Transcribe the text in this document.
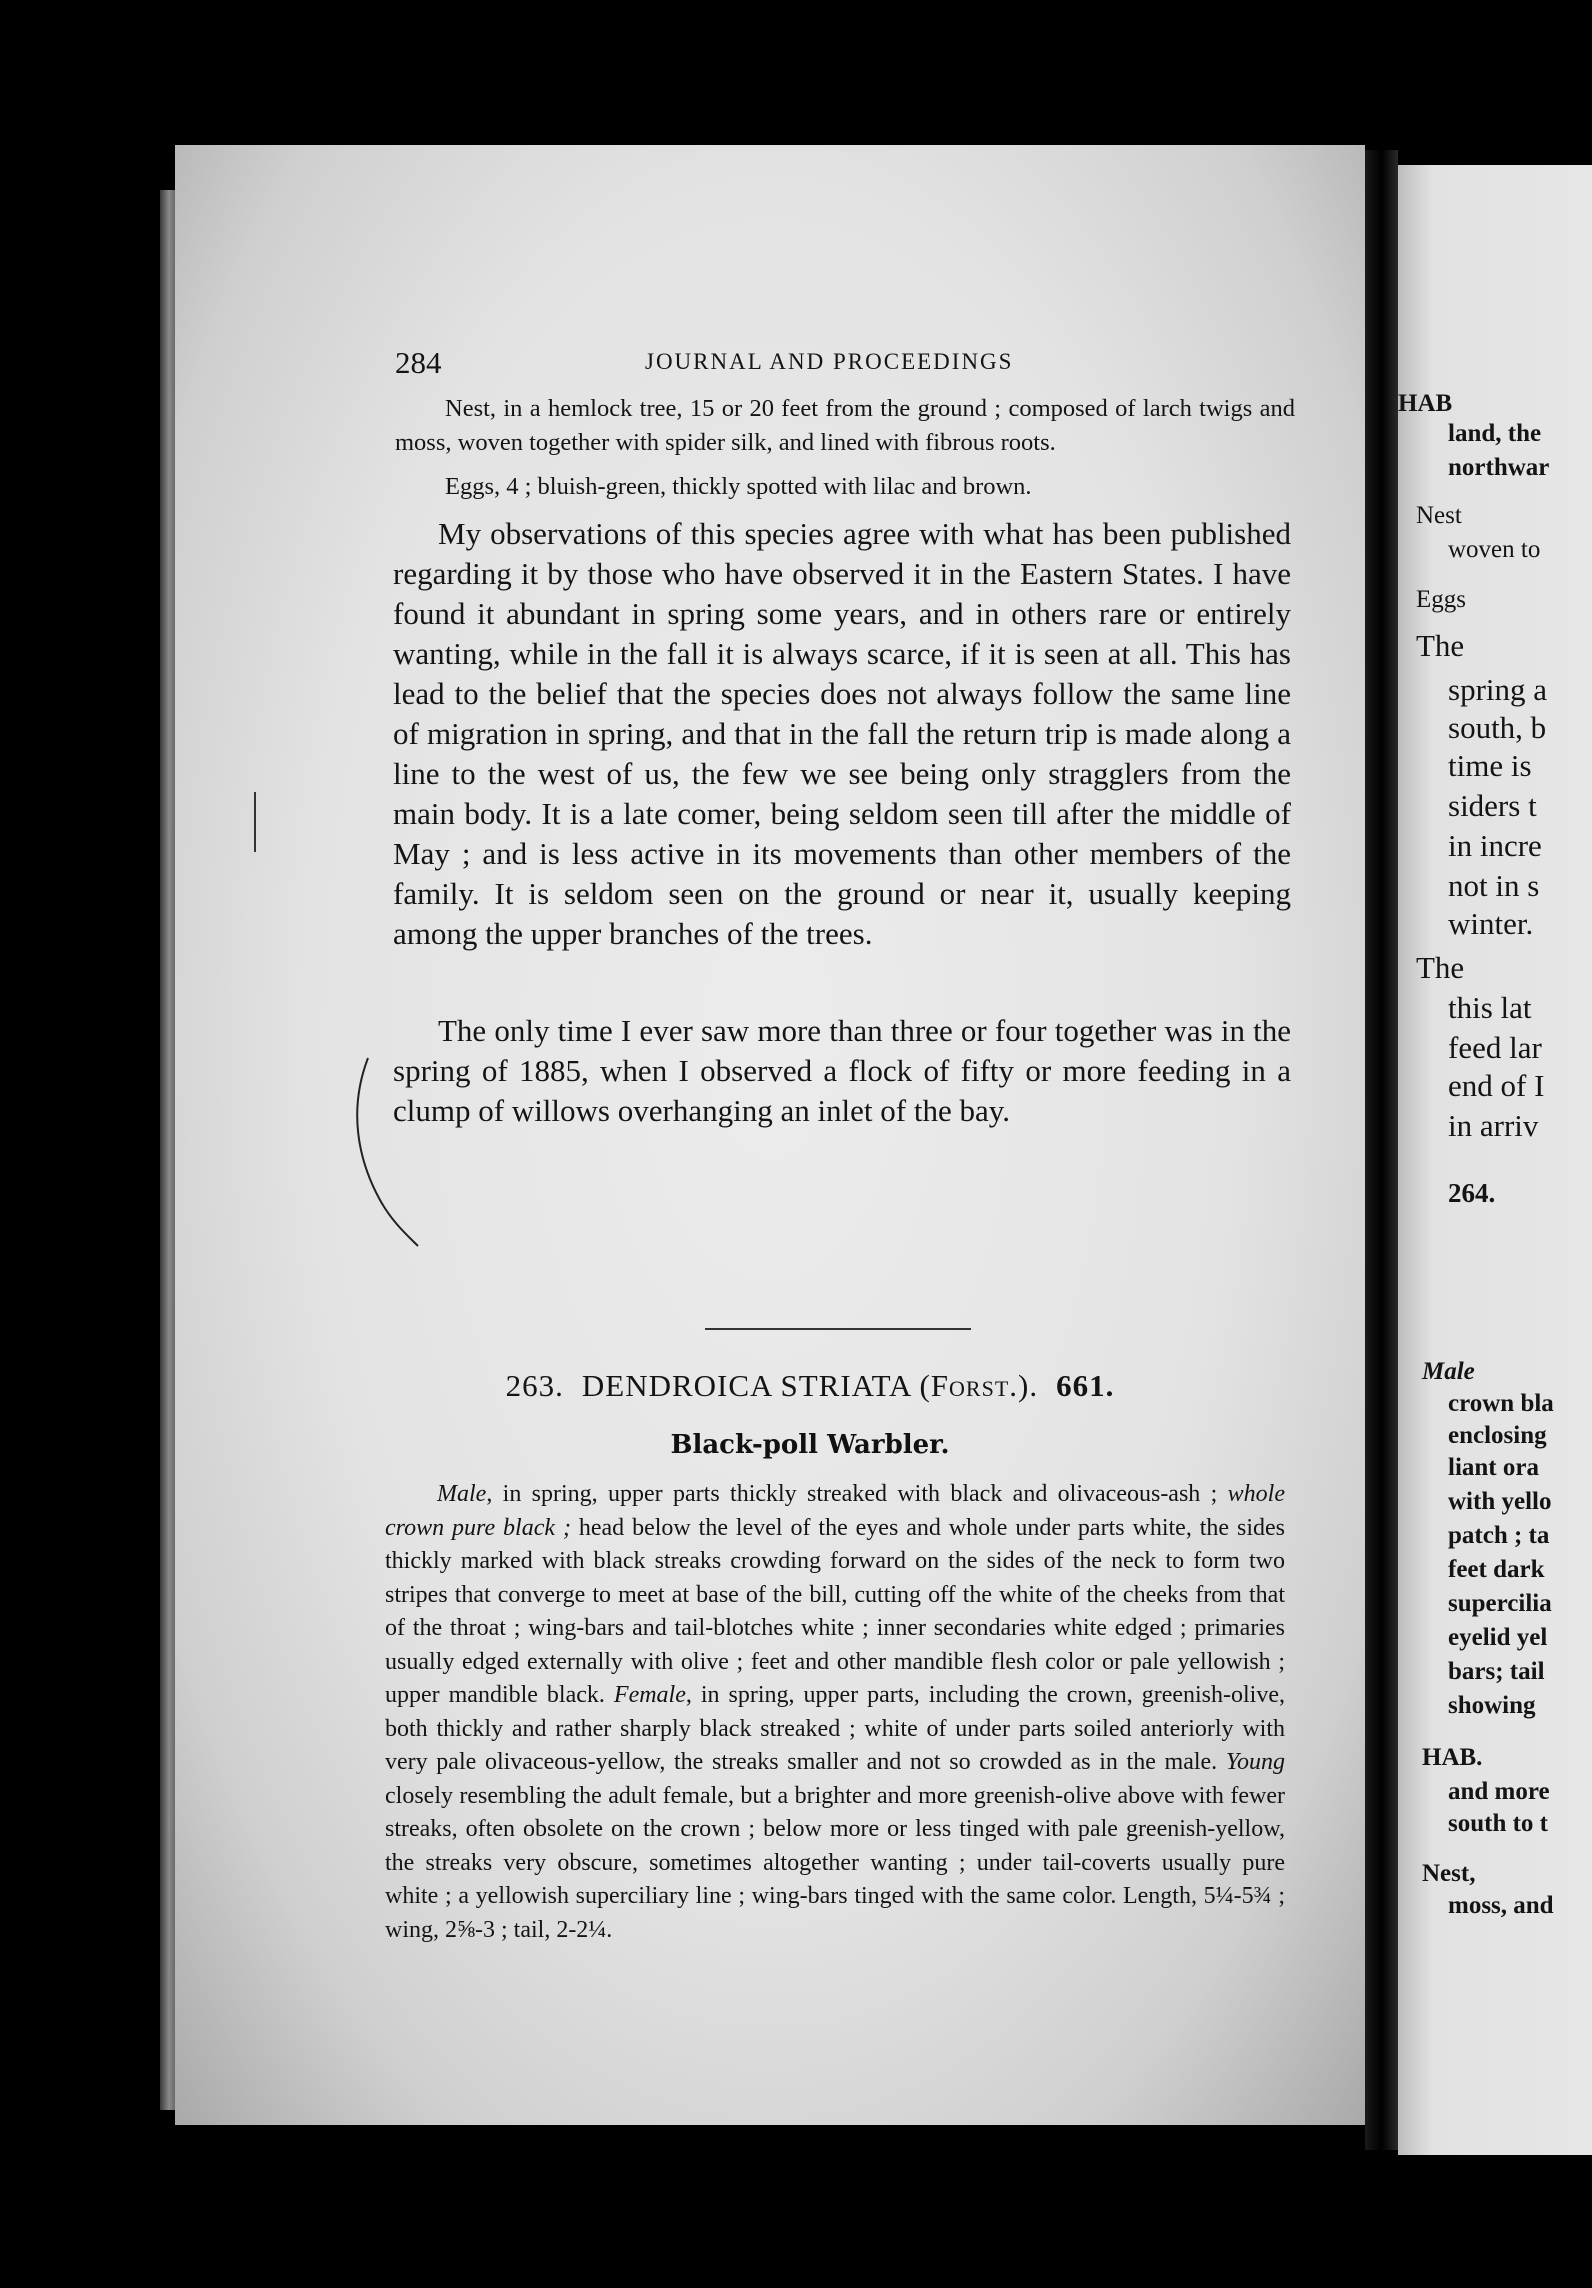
284	JOURNAL AND PROCEEDINGS

Nest, in a hemlock tree, 15 or 20 feet from the ground ; composed of larch twigs and moss, woven together with spider silk, and lined with fibrous roots.

Eggs, 4 ; bluish-green, thickly spotted with lilac and brown.

My observations of this species agree with what has been published regarding it by those who have observed it in the Eastern States. I have found it abundant in spring some years, and in others rare or entirely wanting, while in the fall it is always scarce, if it is seen at all. This has lead to the belief that the species does not always follow the same line of migration in spring, and that in the fall the return trip is made along a line to the west of us, the few we see being only stragglers from the main body. It is a late comer, being seldom seen till after the middle of May ; and is less active in its movements than other members of the family. It is seldom seen on the ground or near it, usually keeping among the upper branches of the trees.

The only time I ever saw more than three or four together was in the spring of 1885, when I observed a flock of fifty or more feeding in a clump of willows overhanging an inlet of the bay.

263. DENDROICA STRIATA (Forst.). 661.
Black-poll Warbler.

Male, in spring, upper parts thickly streaked with black and olivaceous-ash ; whole crown pure black ; head below the level of the eyes and whole under parts white, the sides thickly marked with black streaks crowding forward on the sides of the neck to form two stripes that converge to meet at base of the bill, cutting off the white of the cheeks from that of the throat ; wing-bars and tail-blotches white ; inner secondaries white edged ; primaries usually edged externally with olive ; feet and other mandible flesh color or pale yellowish ; upper mandible black. Female, in spring, upper parts, including the crown, greenish-olive, both thickly and rather sharply black streaked ; white of under parts soiled anteriorly with very pale olivaceous-yellow, the streaks smaller and not so crowded as in the male. Young closely resembling the adult female, but a brighter and more greenish-olive above with fewer streaks, often obsolete on the crown ; below more or less tinged with pale greenish-yellow, the streaks very obscure, sometimes altogether wanting ; under tail-coverts usually pure white ; a yellowish superciliary line ; wing-bars tinged with the same color. Length, 5¼-5¾ ; wing, 2⅝-3 ; tail, 2-2¼.

HAB
land, the
northwar
Nest
woven to
Eggs
The
spring a
south, b
time is
siders t
in incre
not in s
winter.
The
this lat
feed lar
end of I
in arriv
264.
Male
crown bla
enclosing
liant ora
with yello
patch ; ta
feet dark
supercilia
eyelid yel
bars; tail
showing
HAB.
and more
south to t
Nest,
moss, and
